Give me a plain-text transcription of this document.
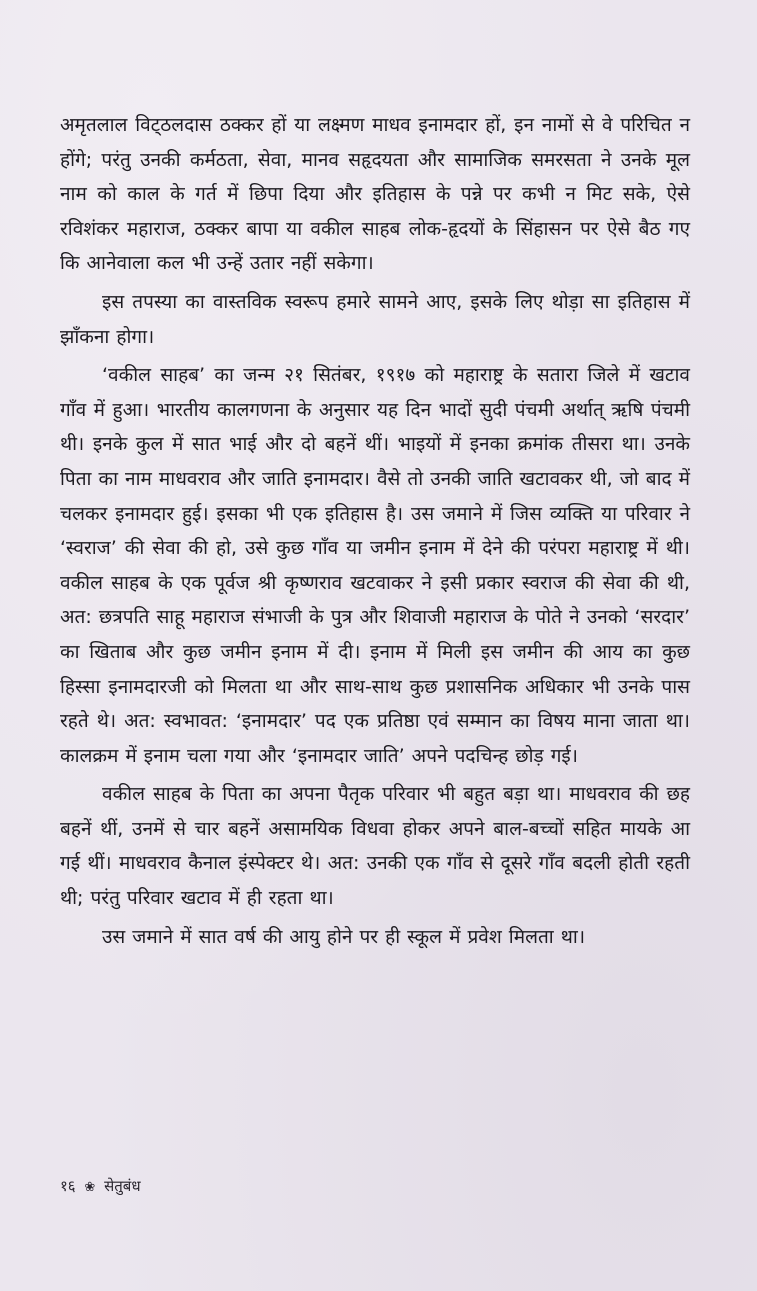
अमृतलाल विट्‌ठलदास ठक्कर हों या लक्ष्मण माधव इनामदार हों, इन नामों से वे परिचित न होंगे; परंतु उनकी कर्मठता, सेवा, मानव सहृदयता और सामाजिक समरसता ने उनके मूल नाम को काल के गर्त में छिपा दिया और इतिहास के पन्ने पर कभी न मिट सके, ऐसे रविशंकर महाराज, ठक्कर बापा या वकील साहब लोक-हृदयों के सिंहासन पर ऐसे बैठ गए कि आनेवाला कल भी उन्हें उतार नहीं सकेगा।

इस तपस्या का वास्तविक स्वरूप हमारे सामने आए, इसके लिए थोड़ा सा इतिहास में झाँकना होगा।

‘वकील साहब’ का जन्म २१ सितंबर, १९१७ को महाराष्ट्र के सतारा जिले में खटाव गाँव में हुआ। भारतीय कालगणना के अनुसार यह दिन भादों सुदी पंचमी अर्थात् ऋषि पंचमी थी। इनके कुल में सात भाई और दो बहनें थीं। भाइयों में इनका क्रमांक तीसरा था। उनके पिता का नाम माधवराव और जाति इनामदार। वैसे तो उनकी जाति खटावकर थी, जो बाद में चलकर इनामदार हुई। इसका भी एक इतिहास है। उस जमाने में जिस व्यक्ति या परिवार ने ‘स्वराज’ की सेवा की हो, उसे कुछ गाँव या जमीन इनाम में देने की परंपरा महाराष्ट्र में थी। वकील साहब के एक पूर्वज श्री कृष्णराव खटवाकर ने इसी प्रकार स्वराज की सेवा की थी, अत: छत्रपति साहू महाराज संभाजी के पुत्र और शिवाजी महाराज के पोते ने उनको ‘सरदार’ का खिताब और कुछ जमीन इनाम में दी। इनाम में मिली इस जमीन की आय का कुछ हिस्सा इनामदारजी को मिलता था और साथ-साथ कुछ प्रशासनिक अधिकार भी उनके पास रहते थे। अत: स्वभावत: ‘इनामदार’ पद एक प्रतिष्ठा एवं सम्मान का विषय माना जाता था। कालक्रम में इनाम चला गया और ‘इनामदार जाति’ अपने पदचिन्ह छोड़ गई।

वकील साहब के पिता का अपना पैतृक परिवार भी बहुत बड़ा था। माधवराव की छह बहनें थीं, उनमें से चार बहनें असामयिक विधवा होकर अपने बाल-बच्चों सहित मायके आ गई थीं। माधवराव कैनाल इंस्पेक्टर थे। अत: उनकी एक गाँव से दूसरे गाँव बदली होती रहती थी; परंतु परिवार खटाव में ही रहता था।

उस जमाने में सात वर्ष की आयु होने पर ही स्कूल में प्रवेश मिलता था।

१६ ❀ सेतुबंध
